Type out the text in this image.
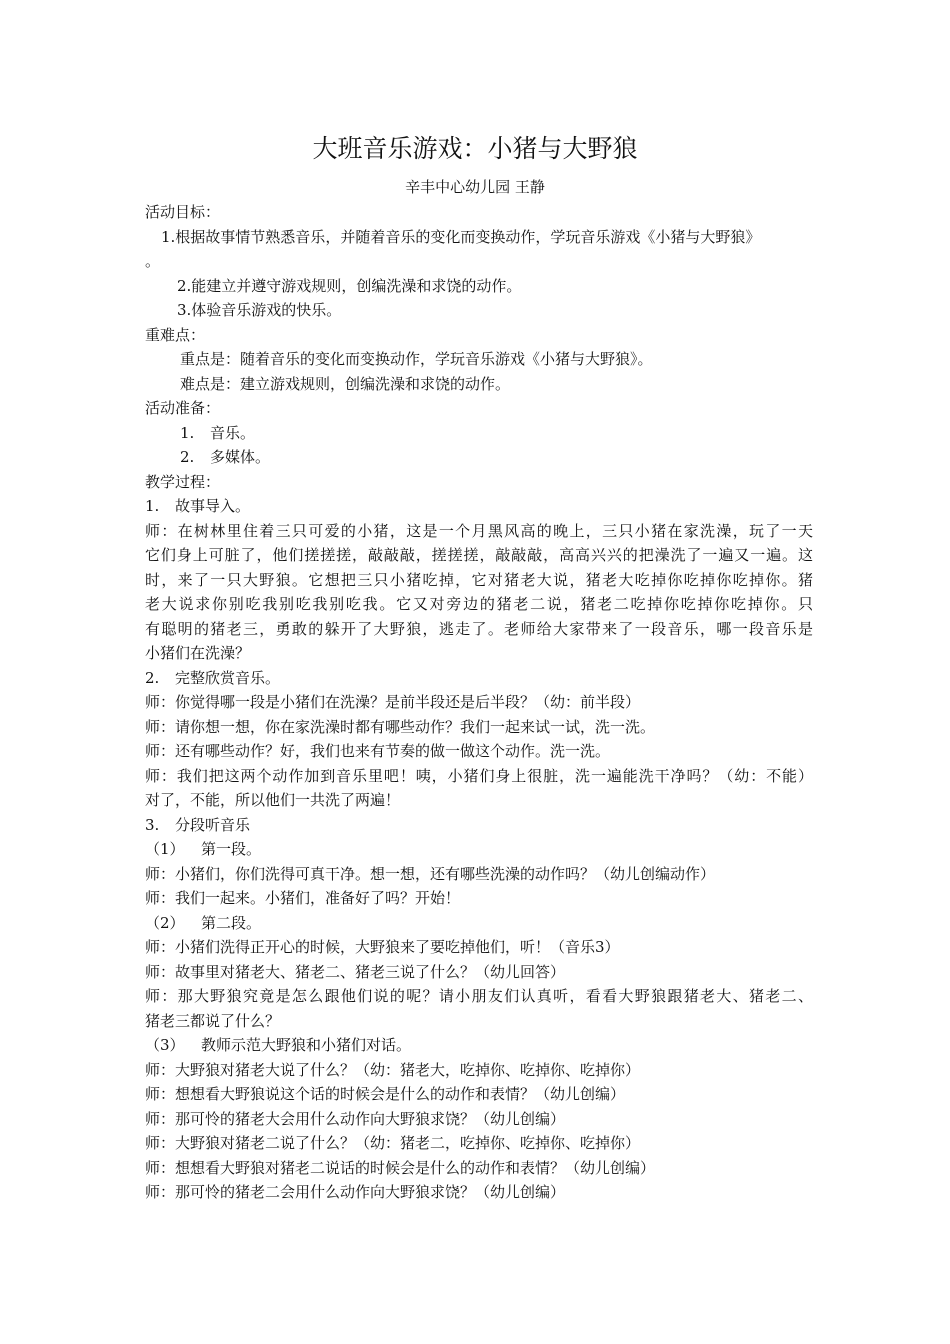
大班音乐游戏：小猪与大野狼
辛丰中心幼儿园 王静
活动目标：
1.根据故事情节熟悉音乐，并随着音乐的变化而变换动作，学玩音乐游戏《小猪与大野狼》
。
2.能建立并遵守游戏规则，创编洗澡和求饶的动作。
3.体验音乐游戏的快乐。
重难点：
重点是：随着音乐的变化而变换动作，学玩音乐游戏《小猪与大野狼》。
难点是：建立游戏规则，创编洗澡和求饶的动作。
活动准备：
1. 音乐。
2. 多媒体。
教学过程：
1. 故事导入。
师：在树林里住着三只可爱的小猪，这是一个月黑风高的晚上，三只小猪在家洗澡，玩了一天
它们身上可脏了，他们搓搓搓，敲敲敲，搓搓搓，敲敲敲，高高兴兴的把澡洗了一遍又一遍。这
时，来了一只大野狼。它想把三只小猪吃掉，它对猪老大说，猪老大吃掉你吃掉你吃掉你。猪
老大说求你别吃我别吃我别吃我。它又对旁边的猪老二说，猪老二吃掉你吃掉你吃掉你。只
有聪明的猪老三，勇敢的躲开了大野狼，逃走了。老师给大家带来了一段音乐，哪一段音乐是
小猪们在洗澡？
2. 完整欣赏音乐。
师：你觉得哪一段是小猪们在洗澡？是前半段还是后半段？（幼：前半段）
师：请你想一想，你在家洗澡时都有哪些动作？我们一起来试一试，洗一洗。
师：还有哪些动作？好，我们也来有节奏的做一做这个动作。洗一洗。
师：我们把这两个动作加到音乐里吧！咦，小猪们身上很脏，洗一遍能洗干净吗？（幼：不能）
对了，不能，所以他们一共洗了两遍！
3. 分段听音乐
（1） 第一段。
师：小猪们，你们洗得可真干净。想一想，还有哪些洗澡的动作吗？（幼儿创编动作）
师：我们一起来。小猪们，准备好了吗？开始！
（2） 第二段。
师：小猪们洗得正开心的时候，大野狼来了要吃掉他们，听！（音乐3）
师：故事里对猪老大、猪老二、猪老三说了什么？（幼儿回答）
师：那大野狼究竟是怎么跟他们说的呢？请小朋友们认真听，看看大野狼跟猪老大、猪老二、
猪老三都说了什么？
（3） 教师示范大野狼和小猪们对话。
师：大野狼对猪老大说了什么？（幼：猪老大，吃掉你、吃掉你、吃掉你）
师：想想看大野狼说这个话的时候会是什么的动作和表情？（幼儿创编）
师：那可怜的猪老大会用什么动作向大野狼求饶？（幼儿创编）
师：大野狼对猪老二说了什么？（幼：猪老二，吃掉你、吃掉你、吃掉你）
师：想想看大野狼对猪老二说话的时候会是什么的动作和表情？（幼儿创编）
师：那可怜的猪老二会用什么动作向大野狼求饶？（幼儿创编）
